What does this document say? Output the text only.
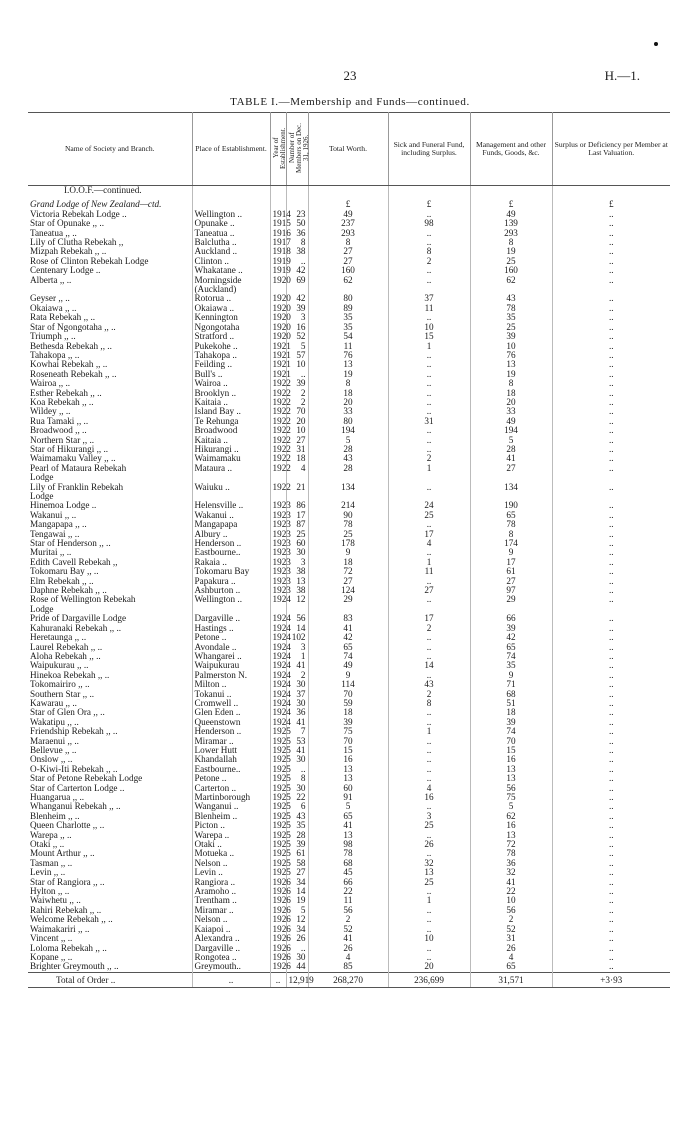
23	H.—1.
TABLE I.—Membership and Funds—continued.
Name of Society and Branch.	Place of Establishment.	Year of Establishment.	Number of Members on Dec. 31, 1926.	Total Worth.	Sick and Funeral Fund, including Surplus.	Management and other Funds, Goods, &c.	Surplus or Deficiency per Member at Last Valuation.
I.O.O.F.—continued.							
Grand Lodge of New Zealand—ctd.				£	£	£	£
Victoria Rebekah Lodge ..	Wellington ..	1914	23	49	..	49	..
Star of Opunake ,, ..	Opunake ..	1915	50	237	98	139	..
Taneatua ,, ..	Taneatua ..	1916	36	293	..	293	..
Lily of Clutha Rebekah ,,	Balclutha ..	1917	8	8	..	8	..
Mizpah Rebekah ,, ..	Auckland ..	1918	38	27	8	19	..
Rose of Clinton Rebekah Lodge	Clinton ..	1919	..	27	2	25	..
Centenary Lodge ..	Whakatane ..	1919	42	160	..	160	..
Alberta ,, ..	Morningside	1920	69	62	..	62	..
	(Auckland)						
Geyser ,, ..	Rotorua ..	1920	42	80	37	43	..
Okaiawa ,, ..	Okaiawa ..	1920	39	89	11	78	..
Rata Rebekah ,, ..	Kennington	1920	3	35	..	35	..
Star of Ngongotaha ,, ..	Ngongotaha	1920	16	35	10	25	..
Triumph ,, ..	Stratford ..	1920	52	54	15	39	..
Bethesda Rebekah ,, ..	Pukekohe ..	1921	5	11	1	10	..
Tahakopa ,, ..	Tahakopa ..	1921	57	76	..	76	..
Kowhai Rebekah ,, ..	Feilding ..	1921	10	13	..	13	..
Roseneath Rebekah ,, ..	Bull's ..	1921	..	19	..	19	..
Wairoa ,, ..	Wairoa ..	1922	39	8	..	8	..
Esther Rebekah ,, ..	Brooklyn ..	1922	2	18	..	18	..
Koa Rebekah ,, ..	Kaitaia ..	1922	2	20	..	20	..
Wildey ,, ..	Island Bay ..	1922	70	33	..	33	..
Rua Tamaki ,, ..	Te Rehunga	1922	20	80	31	49	..
Broadwood ,, ..	Broadwood	1922	10	194	..	194	..
Northern Star ,, ..	Kaitaia ..	1922	27	5	..	5	..
Star of Hikurangi ,, ..	Hikurangi ..	1922	31	28	..	28	..
Waimamaku Valley ,, ..	Waimamaku	1922	18	43	2	41	..
Pearl of Mataura Rebekah	Mataura ..	1922	4	28	1	27	..
Lodge							
Lily of Franklin Rebekah	Waiuku ..	1922	21	134	..	134	..
Lodge							
Hinemoa Lodge ..	Helensville ..	1923	86	214	24	190	..
Wakanui ,, ..	Wakanui ..	1923	17	90	25	65	..
Mangapapa ,, ..	Mangapapa	1923	87	78	..	78	..
Tengawai ,, ..	Albury ..	1923	25	25	17	8	..
Star of Henderson ,, ..	Henderson ..	1923	60	178	4	174	..
Muritai ,, ..	Eastbourne..	1923	30	9	..	9	..
Edith Cavell Rebekah ,,	Rakaia ..	1923	3	18	1	17	..
Tokomaru Bay ,, ..	Tokomaru Bay	1923	38	72	11	61	..
Elm Rebekah ,, ..	Papakura ..	1923	13	27	..	27	..
Daphne Rebekah ,, ..	Ashburton ..	1923	38	124	27	97	..
Rose of Wellington Rebekah	Wellington ..	1924	12	29	..	29	..
Lodge							
Pride of Dargaville Lodge	Dargaville ..	1924	56	83	17	66	..
Kahuranaki Rebekah ,, ..	Hastings ..	1924	14	41	2	39	..
Heretaunga ,, ..	Petone ..	1924	102	42	..	42	..
Laurel Rebekah ,, ..	Avondale ..	1924	3	65	..	65	..
Aloha Rebekah ,, ..	Whangarei ..	1924	1	74	..	74	..
Waipukurau ,, ..	Waipukurau	1924	41	49	14	35	..
Hinekoa Rebekah ,, ..	Palmerston N.	1924	2	9	..	9	..
Tokomairiro ,, ..	Milton ..	1924	30	114	43	71	..
Southern Star ,, ..	Tokanui ..	1924	37	70	2	68	..
Kawarau ,, ..	Cromwell ..	1924	30	59	8	51	..
Star of Glen Ora ,, ..	Glen Eden ..	1924	36	18	..	18	..
Wakatipu ,, ..	Queenstown	1924	41	39	..	39	..
Friendship Rebekah ,, ..	Henderson ..	1925	7	75	1	74	..
Maraenui ,, ..	Miramar ..	1925	53	70	..	70	..
Bellevue ,, ..	Lower Hutt	1925	41	15	..	15	..
Onslow ,, ..	Khandallah	1925	30	16	..	16	..
O-Kiwi-Iti Rebekah ,, ..	Eastbourne..	1925	..	13	..	13	..
Star of Petone Rebekah Lodge	Petone ..	1925	8	13	..	13	..
Star of Carterton Lodge ..	Carterton ..	1925	30	60	4	56	..
Huangarua ,, ..	Martinborough	1925	22	91	16	75	..
Whanganui Rebekah ,, ..	Wanganui ..	1925	6	5	..	5	..
Blenheim ,, ..	Blenheim ..	1925	43	65	3	62	..
Queen Charlotte ,, ..	Picton ..	1925	35	41	25	16	..
Warepa ,, ..	Warepa ..	1925	28	13	..	13	..
Otaki ,, ..	Otaki ..	1925	39	98	26	72	..
Mount Arthur ,, ..	Motueka ..	1925	61	78	..	78	..
Tasman ,, ..	Nelson ..	1925	58	68	32	36	..
Levin ,, ..	Levin ..	1925	27	45	13	32	..
Star of Rangiora ,, ..	Rangiora ..	1926	34	66	25	41	..
Hylton ,, ..	Aramoho ..	1926	14	22	..	22	..
Waiwhetu ,, ..	Trentham ..	1926	19	11	1	10	..
Rahiri Rebekah ,, ..	Miramar ..	1926	5	56	..	56	..
Welcome Rebekah ,, ..	Nelson ..	1926	12	2	..	2	..
Waimakariri ,, ..	Kaiapoi ..	1926	34	52	..	52	..
Vincent ,, ..	Alexandra ..	1926	26	41	10	31	..
Loloma Rebekah ,, ..	Dargaville ..	1926	..	26	..	26	..
Kopane ,, ..	Rongotea ..	1926	30	4	..	4	..
Brighter Greymouth ,, ..	Greymouth..	1926	44	85	20	65	..
Total of Order ..	..	..	12,919	268,270	236,699	31,571	+3·93
